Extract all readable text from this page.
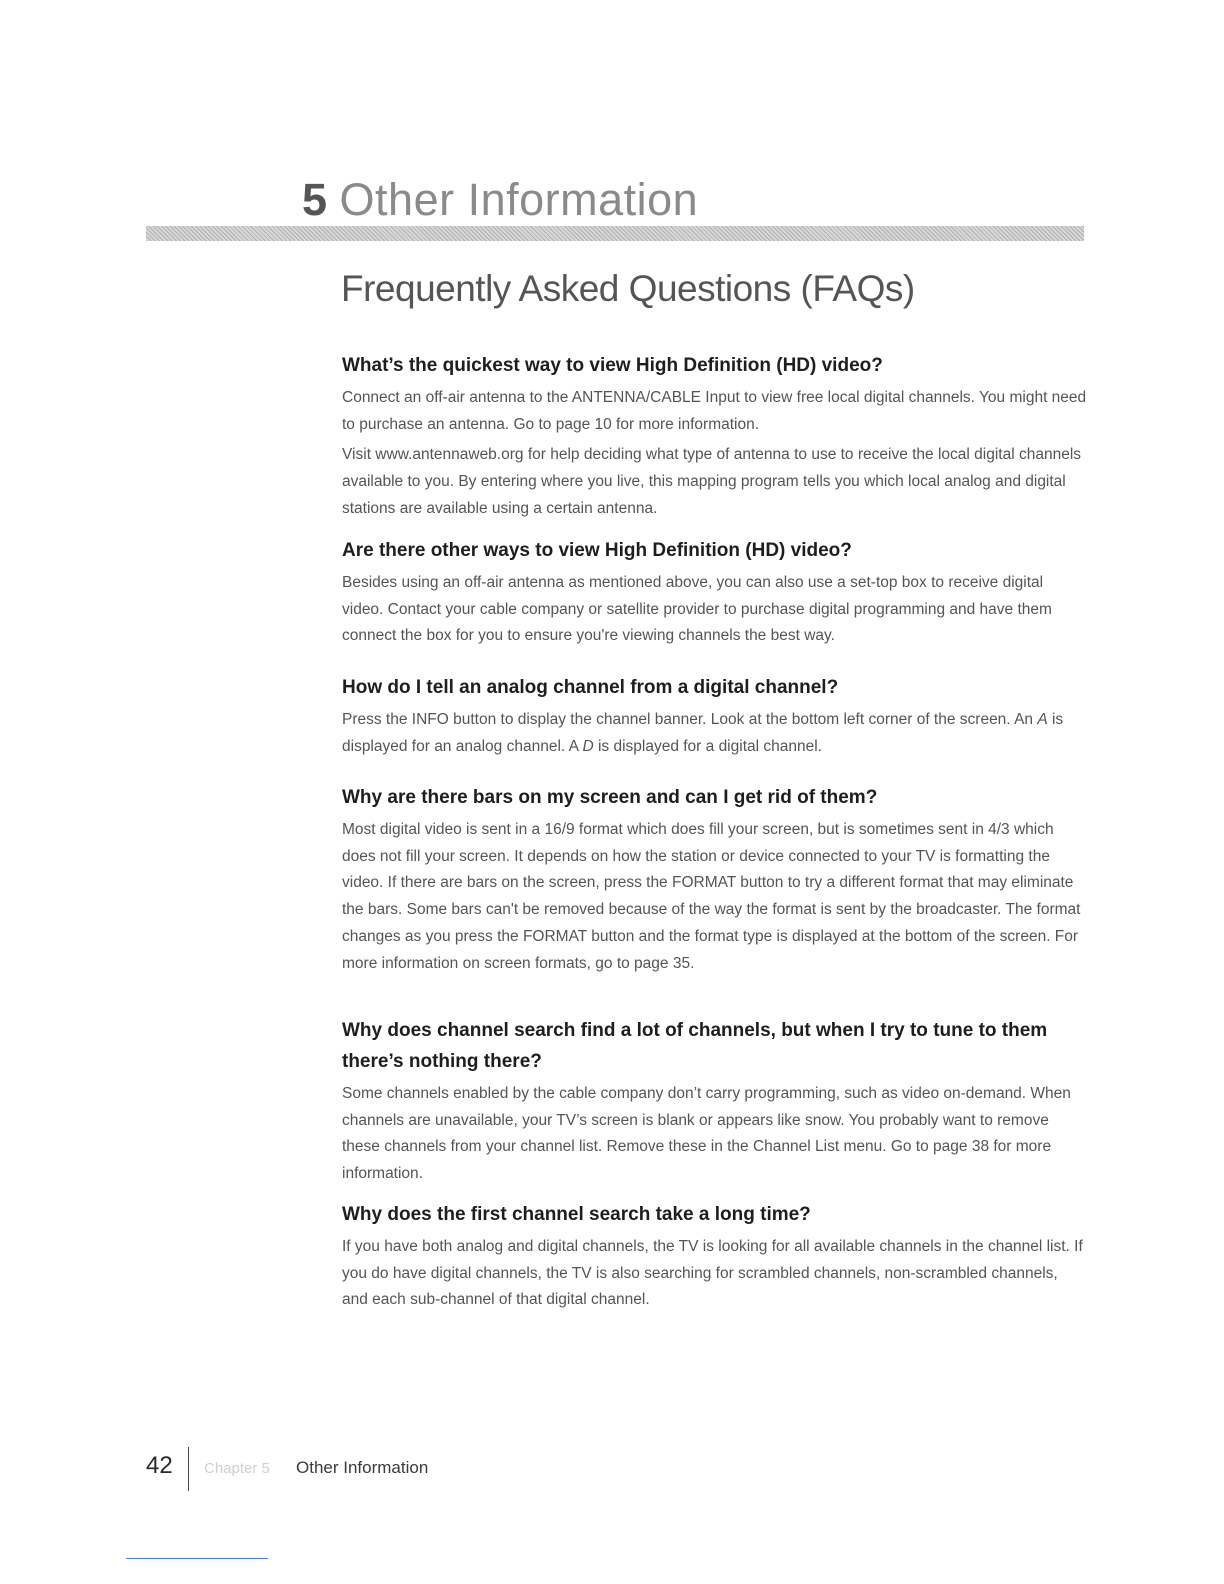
5 Other Information
Frequently Asked Questions (FAQs)
What’s the quickest way to view High Definition (HD) video?

Connect an off-air antenna to the ANTENNA/CABLE Input to view free local digital channels. You might need to purchase an antenna. Go to page 10 for more information.

Visit www.antennaweb.org for help deciding what type of antenna to use to receive the local digital channels available to you. By entering where you live, this mapping program tells you which local analog and digital stations are available using a certain antenna.

Are there other ways to view High Definition (HD) video?

Besides using an off-air antenna as mentioned above, you can also use a set-top box to receive digital video. Contact your cable company or satellite provider to purchase digital programming and have them connect the box for you to ensure you're viewing channels the best way.

How do I tell an analog channel from a digital channel?

Press the INFO button to display the channel banner. Look at the bottom left corner of the screen. An A is displayed for an analog channel. A D is displayed for a digital channel.

Why are there bars on my screen and can I get rid of them?

Most digital video is sent in a 16/9 format which does fill your screen, but is sometimes sent in 4/3 which does not fill your screen. It depends on how the station or device connected to your TV is formatting the video. If there are bars on the screen, press the FORMAT button to try a different format that may eliminate the bars. Some bars can't be removed because of the way the format is sent by the broadcaster. The format changes as you press the FORMAT button and the format type is displayed at the bottom of the screen. For more information on screen formats, go to page 35.

Why does channel search find a lot of channels, but when I try to tune to them there’s nothing there?

Some channels enabled by the cable company don’t carry programming, such as video on-demand. When channels are unavailable, your TV’s screen is blank or appears like snow. You probably want to remove these channels from your channel list. Remove these in the Channel List menu. Go to page 38 for more information.

Why does the first channel search take a long time?

If you have both analog and digital channels, the TV is looking for all available channels in the channel list. If you do have digital channels, the TV is also searching for scrambled channels, non-scrambled channels, and each sub-channel of that digital channel.

42 Chapter 5 Other Information
